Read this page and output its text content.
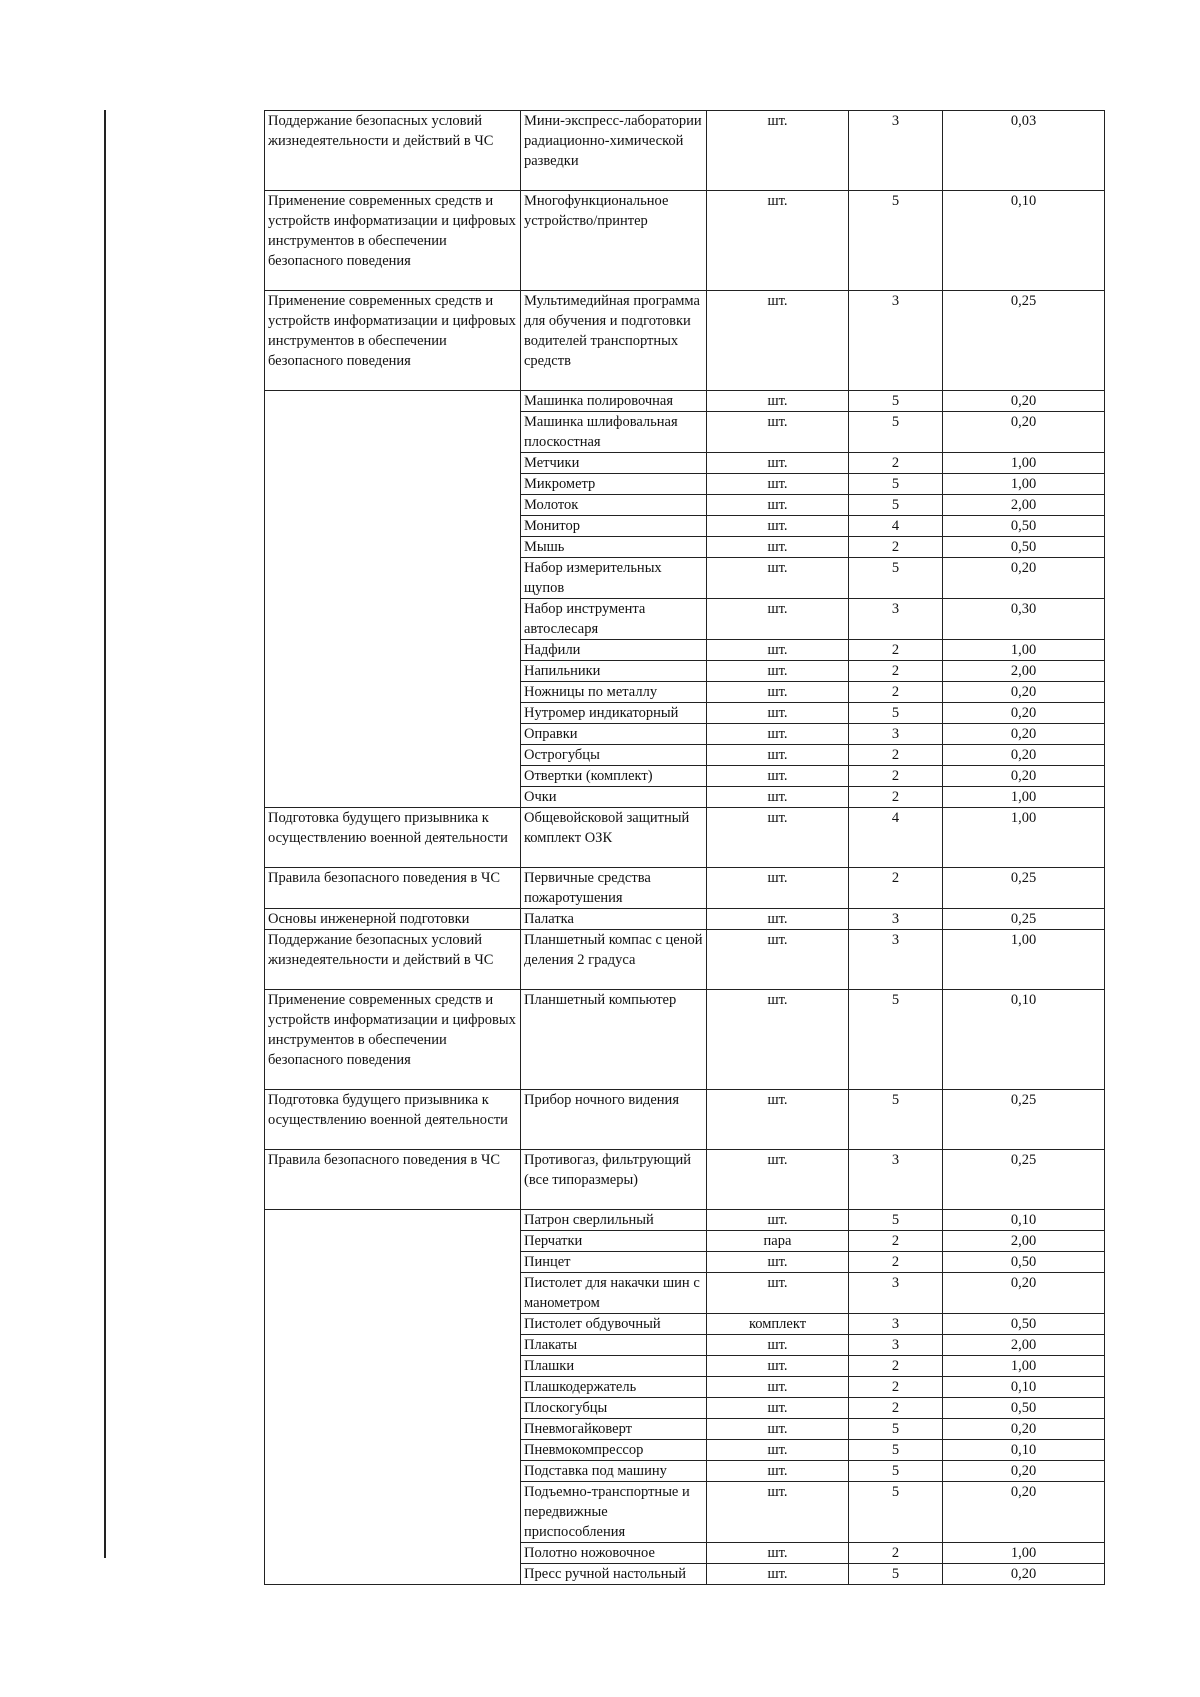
Поддержание безопасных условий жизнедеятельности и действий в ЧС	Мини-экспресс-лаборатории радиационно-химической разведки	шт.	3	0,03
Применение современных средств и устройств информатизации и цифровых инструментов в обеспечении безопасного поведения	Многофункциональное устройство/принтер	шт.	5	0,10
Применение современных средств и устройств информатизации и цифровых инструментов в обеспечении безопасного поведения	Мультимедийная программа для обучения и подготовки водителей транспортных средств	шт.	3	0,25
	Машинка полировочная	шт.	5	0,20
	Машинка шлифовальная плоскостная	шт.	5	0,20
	Метчики	шт.	2	1,00
	Микрометр	шт.	5	1,00
	Молоток	шт.	5	2,00
	Монитор	шт.	4	0,50
	Мышь	шт.	2	0,50
	Набор измерительных щупов	шт.	5	0,20
	Набор инструмента автослесаря	шт.	3	0,30
	Надфили	шт.	2	1,00
	Напильники	шт.	2	2,00
	Ножницы по металлу	шт.	2	0,20
	Нутромер индикаторный	шт.	5	0,20
	Оправки	шт.	3	0,20
	Острогубцы	шт.	2	0,20
	Отвертки (комплект)	шт.	2	0,20
	Очки	шт.	2	1,00
Подготовка будущего призывника к осуществлению военной деятельности	Общевойсковой защитный комплект ОЗК	шт.	4	1,00
Правила безопасного поведения в ЧС	Первичные средства пожаротушения	шт.	2	0,25
Основы инженерной подготовки	Палатка	шт.	3	0,25
Поддержание безопасных условий жизнедеятельности и действий в ЧС	Планшетный компас с ценой деления 2 градуса	шт.	3	1,00
Применение современных средств и устройств информатизации и цифровых инструментов в обеспечении безопасного поведения	Планшетный компьютер	шт.	5	0,10
Подготовка будущего призывника к осуществлению военной деятельности	Прибор ночного видения	шт.	5	0,25
Правила безопасного поведения в ЧС	Противогаз, фильтрующий (все типоразмеры)	шт.	3	0,25
	Патрон сверлильный	шт.	5	0,10
	Перчатки	пара	2	2,00
	Пинцет	шт.	2	0,50
	Пистолет для накачки шин с манометром	шт.	3	0,20
	Пистолет обдувочный	комплект	3	0,50
	Плакаты	шт.	3	2,00
	Плашки	шт.	2	1,00
	Плашкодержатель	шт.	2	0,10
	Плоскогубцы	шт.	2	0,50
	Пневмогайковерт	шт.	5	0,20
	Пневмокомпрессор	шт.	5	0,10
	Подставка под машину	шт.	5	0,20
	Подъемно-транспортные и передвижные приспособления	шт.	5	0,20
	Полотно ножовочное	шт.	2	1,00
	Пресс ручной настольный	шт.	5	0,20
